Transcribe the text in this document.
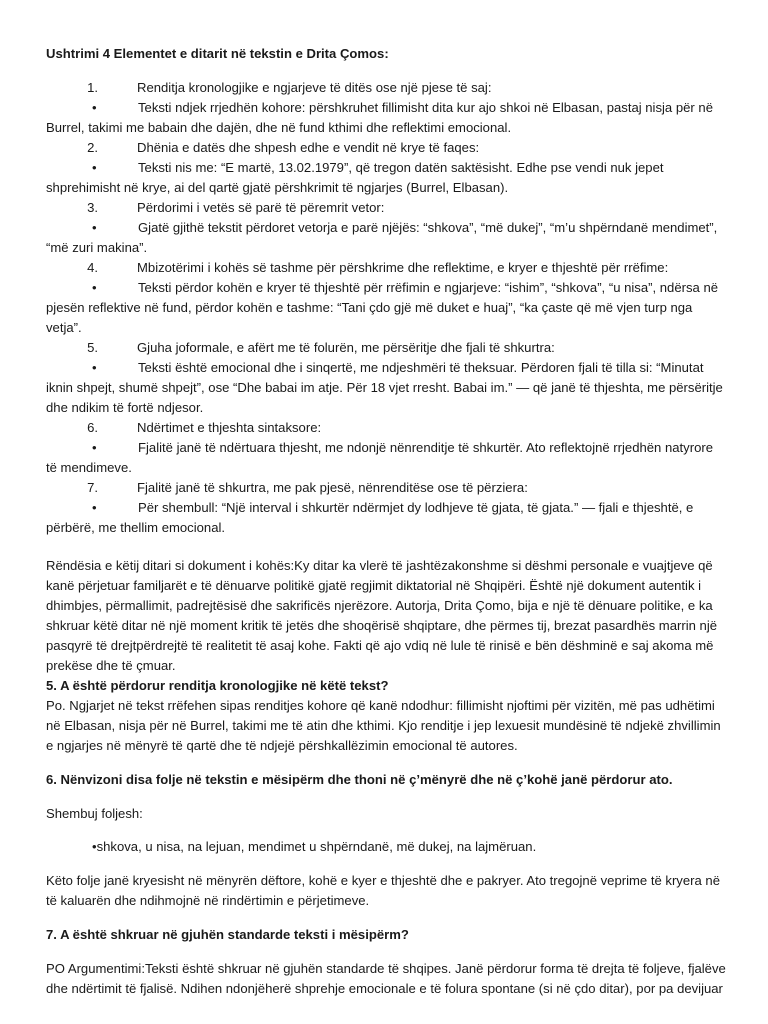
Ushtrimi 4 Elementet e ditarit në tekstin e Drita Çomos:

1.	Renditja kronologjike e ngjarjeve të ditës ose një pjese të saj:

•	Teksti ndjek rrjedhën kohore: përshkruhet fillimisht dita kur ajo shkoi në Elbasan, pastaj nisja për në Burrel, takimi me babain dhe dajën, dhe në fund kthimi dhe reflektimi emocional.

2.	Dhënia e datës dhe shpesh edhe e vendit në krye të faqes:

•	Teksti nis me: “E martë, 13.02.1979”, që tregon datën saktësisht. Edhe pse vendi nuk jepet shprehimisht në krye, ai del qartë gjatë përshkrimit të ngjarjes (Burrel, Elbasan).

3.	Përdorimi i vetës së parë të përemrit vetor:

•	Gjatë gjithë tekstit përdoret vetorja e parë njëjës: “shkova”, “më dukej”, “m’u shpërndanë mendimet”, “më zuri makina”.

4.	Mbizotërimi i kohës së tashme për përshkrime dhe reflektime, e kryer e thjeshtë për rrëfime:

•	Teksti përdor kohën e kryer të thjeshtë për rrëfimin e ngjarjeve: “ishim”, “shkova”, “u nisa”, ndërsa në pjesën reflektive në fund, përdor kohën e tashme: “Tani çdo gjë më duket e huaj”, “ka çaste që më vjen turp nga vetja”.

5.	Gjuha joformale, e afërt me të folurën, me përsëritje dhe fjali të shkurtra:

•	Teksti është emocional dhe i sinqertë, me ndjeshmëri të theksuar. Përdoren fjali të tilla si: “Minutat iknin shpejt, shumë shpejt”, ose “Dhe babai im atje. Për 18 vjet rresht. Babai im.” — që janë të thjeshta, me përsëritje dhe ndikim të fortë ndjesor.

6.	Ndërtimet e thjeshta sintaksore:

•	Fjalitë janë të ndërtuara thjesht, me ndonjë nënrenditje të shkurtër. Ato reflektojnë rrjedhën natyrore të mendimeve.

7.	Fjalitë janë të shkurtra, me pak pjesë, nënrenditëse ose të përziera:

•	Për shembull: “Një interval i shkurtër ndërmjet dy lodhjeve të gjata, të gjata.” — fjali e thjeshtë, e përbërë, me thellim emocional.

Rëndësia e këtij ditari si dokument i kohës:Ky ditar ka vlerë të jashtëzakonshme si dëshmi personale e vuajtjeve që kanë përjetuar familjarët e të dënuarve politikë gjatë regjimit diktatorial në Shqipëri. Është një dokument autentik i dhimbjes, përmallimit, padrejtësisë dhe sakrificës njerëzore. Autorja, Drita Çomo, bija e një të dënuare politike, e ka shkruar këtë ditar në një moment kritik të jetës dhe shoqërisë shqiptare, dhe përmes tij, brezat pasardhës marrin një pasqyrë të drejtpërdrejtë të realitetit të asaj kohe. Fakti që ajo vdiq në lule të rinisë e bën dëshminë e saj akoma më prekëse dhe të çmuar.

5. A është përdorur renditja kronologjike në këtë tekst?

Po. Ngjarjet në tekst rrëfehen sipas renditjes kohore që kanë ndodhur: fillimisht njoftimi për vizitën, më pas udhëtimi në Elbasan, nisja për në Burrel, takimi me të atin dhe kthimi. Kjo renditje i jep lexuesit mundësinë të ndjekë zhvillimin e ngjarjes në mënyrë të qartë dhe të ndjejë përshkallëzimin emocional të autores.

6. Nënvizoni disa folje në tekstin e mësipërm dhe thoni në ç’mënyrë dhe në ç’kohë janë përdorur ato.

Shembuj foljesh:

•shkova, u nisa, na lejuan, mendimet u shpërndanë, më dukej, na lajmëruan.

Këto folje janë kryesisht në mënyrën dëftore, kohë e kyer e thjeshtë dhe e pakryer. Ato tregojnë veprime të kryera në të kaluarën dhe ndihmojnë në rindërtimin e përjetimeve.

7. A është shkruar në gjuhën standarde teksti i mësipërm?

PO Argumentimi:Teksti është shkruar në gjuhën standarde të shqipes. Janë përdorur forma të drejta të foljeve, fjalëve dhe ndërtimit të fjalisë. Ndihen ndonjëherë shprehje emocionale e të folura spontane (si në çdo ditar), por pa devijuar
